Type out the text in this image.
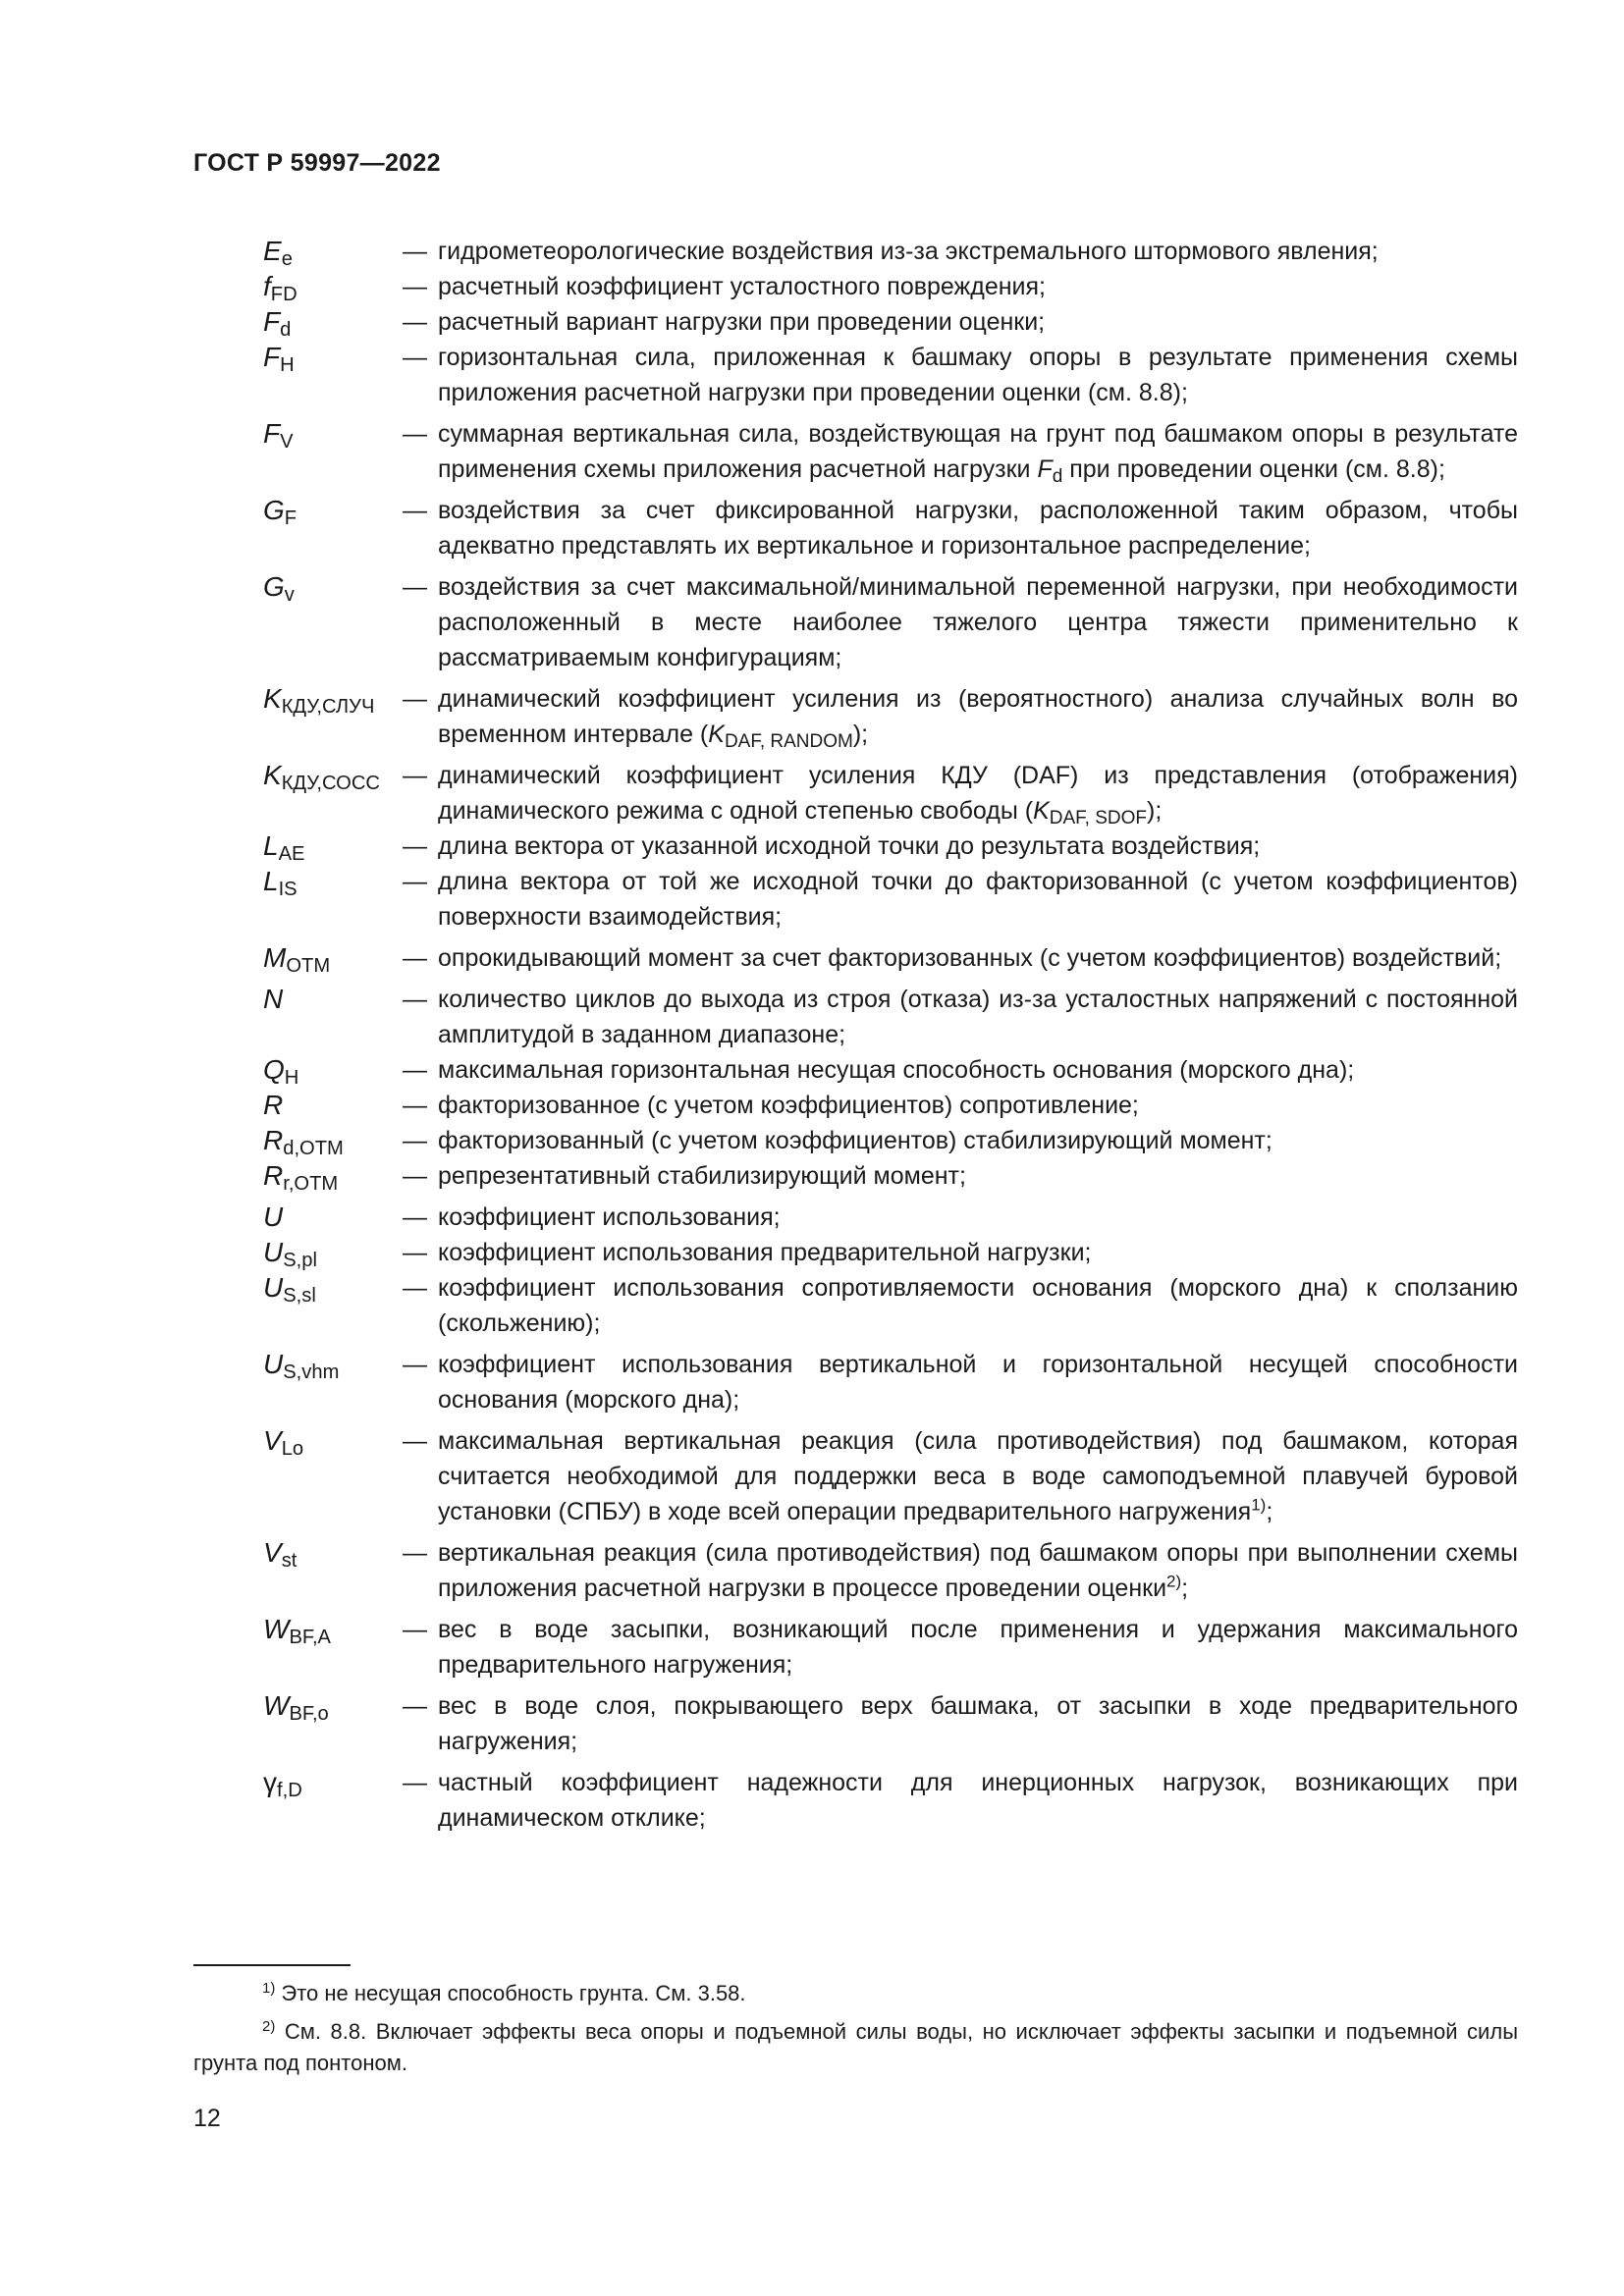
ГОСТ Р 59997—2022
$E_e$	— гидрометеорологические воздействия из-за экстремального штормового явления;
$f_{FD}$	— расчетный коэффициент усталостного повреждения;
$F_d$	— расчетный вариант нагрузки при проведении оценки;
$F_H$	— горизонтальная сила, приложенная к башмаку опоры в результате применения схемы приложения расчетной нагрузки при проведении оценки (см. 8.8);
$F_V$	— суммарная вертикальная сила, воздействующая на грунт под башмаком опоры в результате применения схемы приложения расчетной нагрузки $F_d$ при проведении оценки (см. 8.8);
$G_F$	— воздействия за счет фиксированной нагрузки, расположенной таким образом, чтобы адекватно представлять их вертикальное и горизонтальное распределение;
$G_v$	— воздействия за счет максимальной/минимальной переменной нагрузки, при необходимости расположенный в месте наиболее тяжелого центра тяжести применительно к рассматриваемым конфигурациям;
$K_{КДУ,СЛУЧ}$	— динамический коэффициент усиления из (вероятностного) анализа случайных волн во временном интервале $(K_{DAF, RANDOM})$;
$K_{КДУ,СОСС}$ — динамический коэффициент усиления КДУ (DAF) из представления (отображения) динамического режима с одной степенью свободы $(K_{DAF, SDOF})$;
$L_{AE}$	— длина вектора от указанной исходной точки до результата воздействия;
$L_{IS}$	— длина вектора от той же исходной точки до факторизованной (с учетом коэффициентов) поверхности взаимодействия;
$M_{OTM}$	— опрокидывающий момент за счет факторизованных (с учетом коэффициентов) воздействий;
N	— количество циклов до выхода из строя (отказа) из-за усталостных напряжений с постоянной амплитудой в заданном диапазоне;
$Q_H$	— максимальная горизонтальная несущая способность основания (морского дна);
R	— факторизованное (с учетом коэффициентов) сопротивление;
$R_{d,OTM}$	— факторизованный (с учетом коэффициентов) стабилизирующий момент;
$R_{r,OTM}$	— репрезентативный стабилизирующий момент;
U	— коэффициент использования;
$U_{S,pl}$	— коэффициент использования предварительной нагрузки;
$U_{S,sl}$	— коэффициент использования сопротивляемости основания (морского дна) к сползанию (скольжению);
$U_{S,vhm}$	— коэффициент использования вертикальной и горизонтальной несущей способности основания (морского дна);
$V_{Lo}$	— максимальная вертикальная реакция (сила противодействия) под башмаком, которая считается необходимой для поддержки веса в воде самоподъемной плавучей буровой установки (СПБУ) в ходе всей операции предварительного нагружения$^{1)}$;
$V_{st}$	— вертикальная реакция (сила противодействия) под башмаком опоры при выполнении схемы приложения расчетной нагрузки в процессе проведении оценки$^{2)}$;
$W_{BF,A}$	— вес в воде засыпки, возникающий после применения и удержания максимального предварительного нагружения;
$W_{BF,o}$	— вес в воде слоя, покрывающего верх башмака, от засыпки в ходе предварительного нагружения;
$\gamma_{f,D}$	— частный коэффициент надежности для инерционных нагрузок, возникающих при динамическом отклике;
$^{1)}$ Это не несущая способность грунта. См. 3.58.
$^{2)}$ См. 8.8. Включает эффекты веса опоры и подъемной силы воды, но исключает эффекты засыпки и подъемной силы грунта под понтоном.
12
